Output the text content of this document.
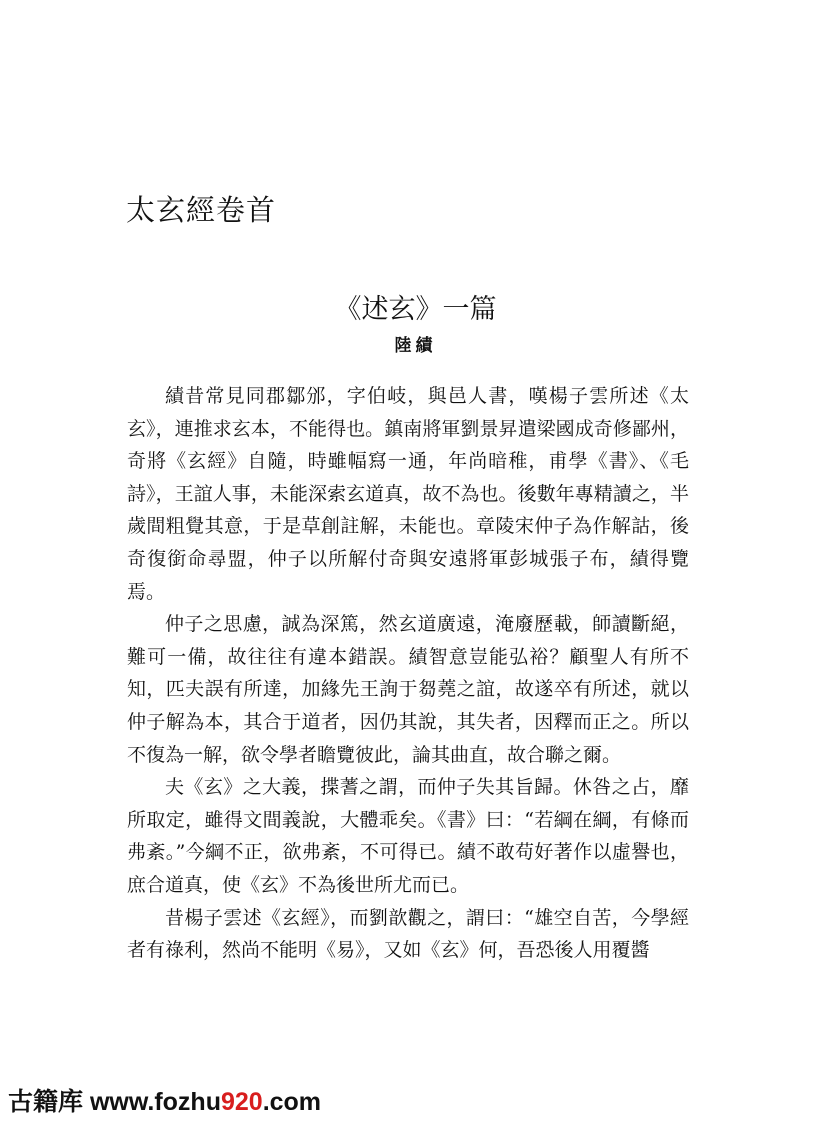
太玄經卷首
《述玄》一篇
陸績

績昔常見同郡鄒邠，字伯岐，與邑人書，嘆楊子雲所述《太玄》，連推求玄本，不能得也。鎮南將軍劉景昇遣梁國成奇修鄙州，奇將《玄經》自隨，時雖幅寫一通，年尚暗稚，甫學《書》、《毛詩》，王誼人事，未能深索玄道真，故不為也。後數年專精讀之，半歲間粗覺其意，于是草創註解，未能也。章陵宋仲子為作解詁，後奇復銜命尋盟，仲子以所解付奇與安遠將軍彭城張子布，績得覽焉。

仲子之思慮，誠為深篤，然玄道廣遠，淹廢歷載，師讀斷絕，難可一備，故往往有違本錯誤。績智意豈能弘裕？顧聖人有所不知，匹夫誤有所達，加緣先王詢于芻蕘之誼，故遂卒有所述，就以仲子解為本，其合于道者，因仍其說，其失者，因釋而正之。所以不復為一解，欲令學者瞻覽彼此，論其曲直，故合聯之爾。

夫《玄》之大義，揲蓍之謂，而仲子失其旨歸。休咎之占，靡所取定，雖得文間義說，大體乖矣。《書》曰：“若綱在綱，有條而弗紊。”今綱不正，欲弗紊，不可得已。績不敢苟好著作以虛譽也，庶合道真，使《玄》不為後世所尤而已。

昔楊子雲述《玄經》，而劉歆觀之，謂曰：“雄空自苦，今學經者有祿利，然尚不能明《易》，又如《玄》何，吾恐後人用覆醬

古籍库 www.fozhu920.com
